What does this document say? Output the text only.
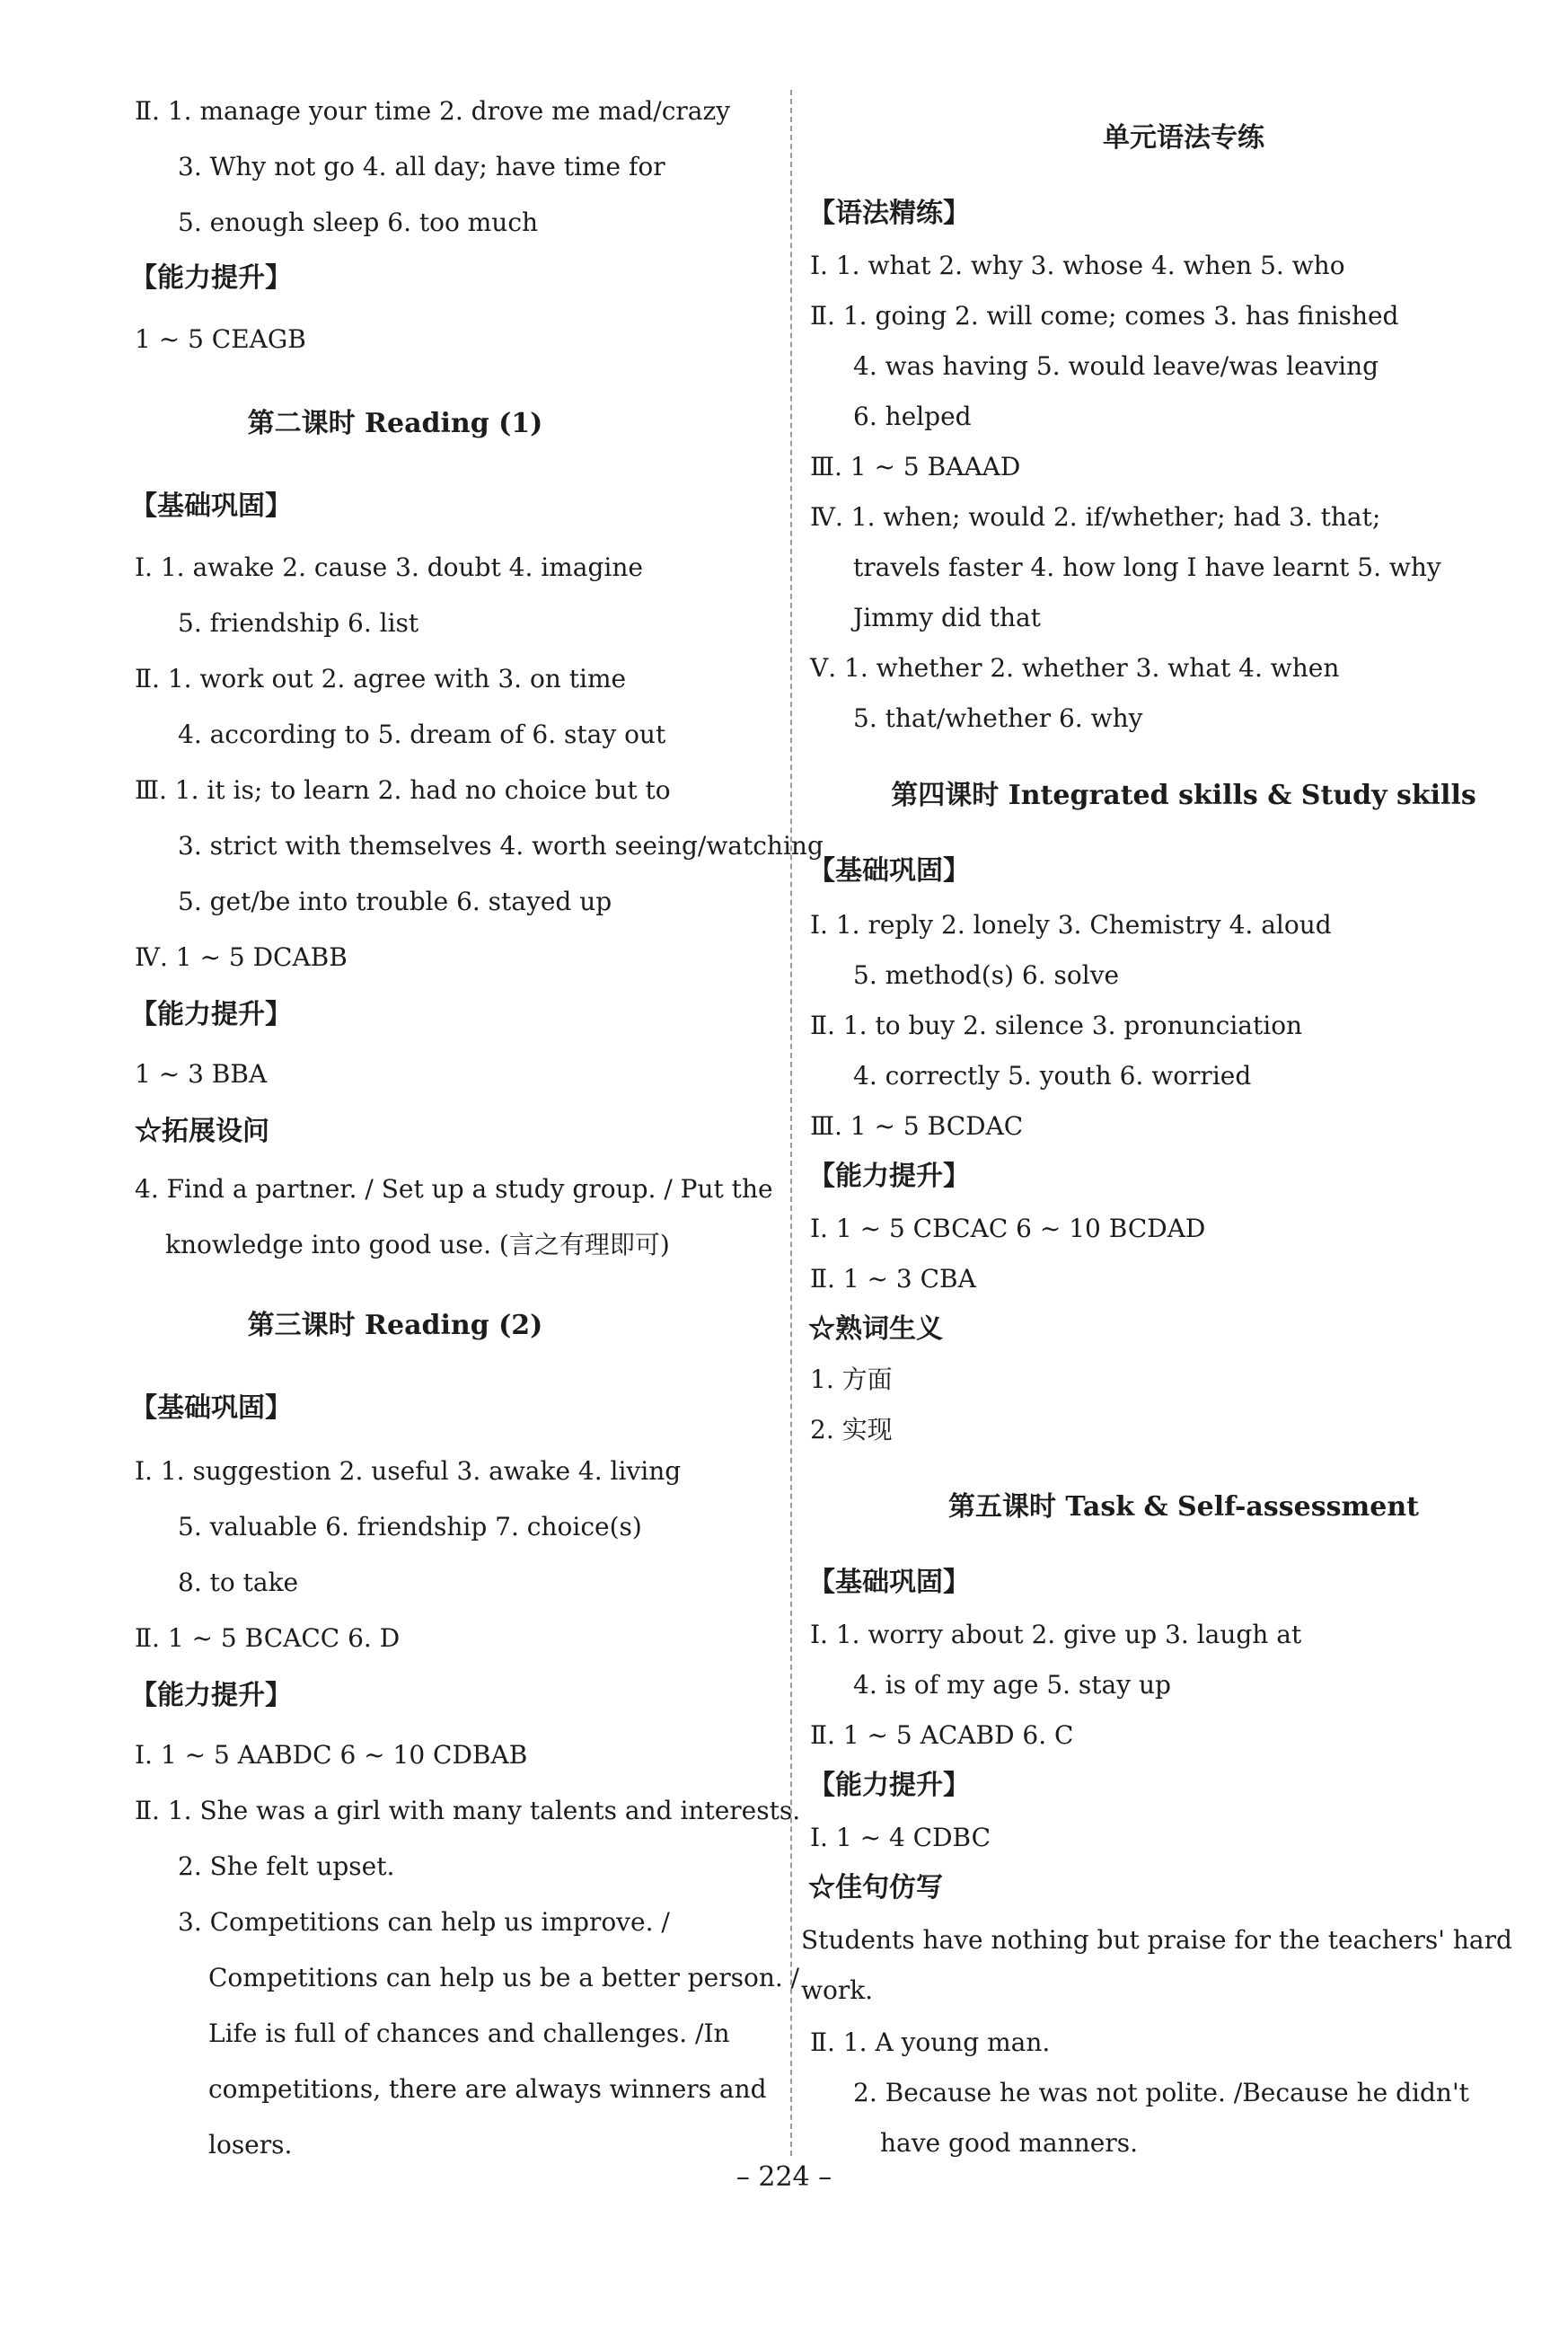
Ⅱ. 1. manage your time 2. drove me mad/crazy
3. Why not go 4. all day; have time for
5. enough sleep 6. too much
【能力提升】
1 ~ 5 CEAGB
第二课时 Reading (1)
【基础巩固】
Ⅰ. 1. awake 2. cause 3. doubt 4. imagine
5. friendship 6. list
Ⅱ. 1. work out 2. agree with 3. on time
4. according to 5. dream of 6. stay out
Ⅲ. 1. it is; to learn 2. had no choice but to
3. strict with themselves 4. worth seeing/watching
5. get/be into trouble 6. stayed up
Ⅳ. 1 ~ 5 DCABB
【能力提升】
1 ~ 3 BBA
☆拓展设问
4. Find a partner. / Set up a study group. / Put the
knowledge into good use. (言之有理即可)
第三课时 Reading (2)
【基础巩固】
Ⅰ. 1. suggestion 2. useful 3. awake 4. living
5. valuable 6. friendship 7. choice(s)
8. to take
Ⅱ. 1 ~ 5 BCACC 6. D
【能力提升】
Ⅰ. 1 ~ 5 AABDC 6 ~ 10 CDBAB
Ⅱ. 1. She was a girl with many talents and interests.
2. She felt upset.
3. Competitions can help us improve. /
Competitions can help us be a better person. /
Life is full of chances and challenges. /In
competitions, there are always winners and
losers.
单元语法专练
【语法精练】
Ⅰ. 1. what 2. why 3. whose 4. when 5. who
Ⅱ. 1. going 2. will come; comes 3. has finished
4. was having 5. would leave/was leaving
6. helped
Ⅲ. 1 ~ 5 BAAAD
Ⅳ. 1. when; would 2. if/whether; had 3. that;
travels faster 4. how long I have learnt 5. why
Jimmy did that
Ⅴ. 1. whether 2. whether 3. what 4. when
5. that/whether 6. why
第四课时 Integrated skills & Study skills
【基础巩固】
Ⅰ. 1. reply 2. lonely 3. Chemistry 4. aloud
5. method(s) 6. solve
Ⅱ. 1. to buy 2. silence 3. pronunciation
4. correctly 5. youth 6. worried
Ⅲ. 1 ~ 5 BCDAC
【能力提升】
Ⅰ. 1 ~ 5 CBCAC 6 ~ 10 BCDAD
Ⅱ. 1 ~ 3 CBA
☆熟词生义
1. 方面
2. 实现
第五课时 Task & Self-assessment
【基础巩固】
Ⅰ. 1. worry about 2. give up 3. laugh at
4. is of my age 5. stay up
Ⅱ. 1 ~ 5 ACABD 6. C
【能力提升】
Ⅰ. 1 ~ 4 CDBC
☆佳句仿写
Students have nothing but praise for the teachers' hard
work.
Ⅱ. 1. A young man.
2. Because he was not polite. /Because he didn't
have good manners.
– 224 –
